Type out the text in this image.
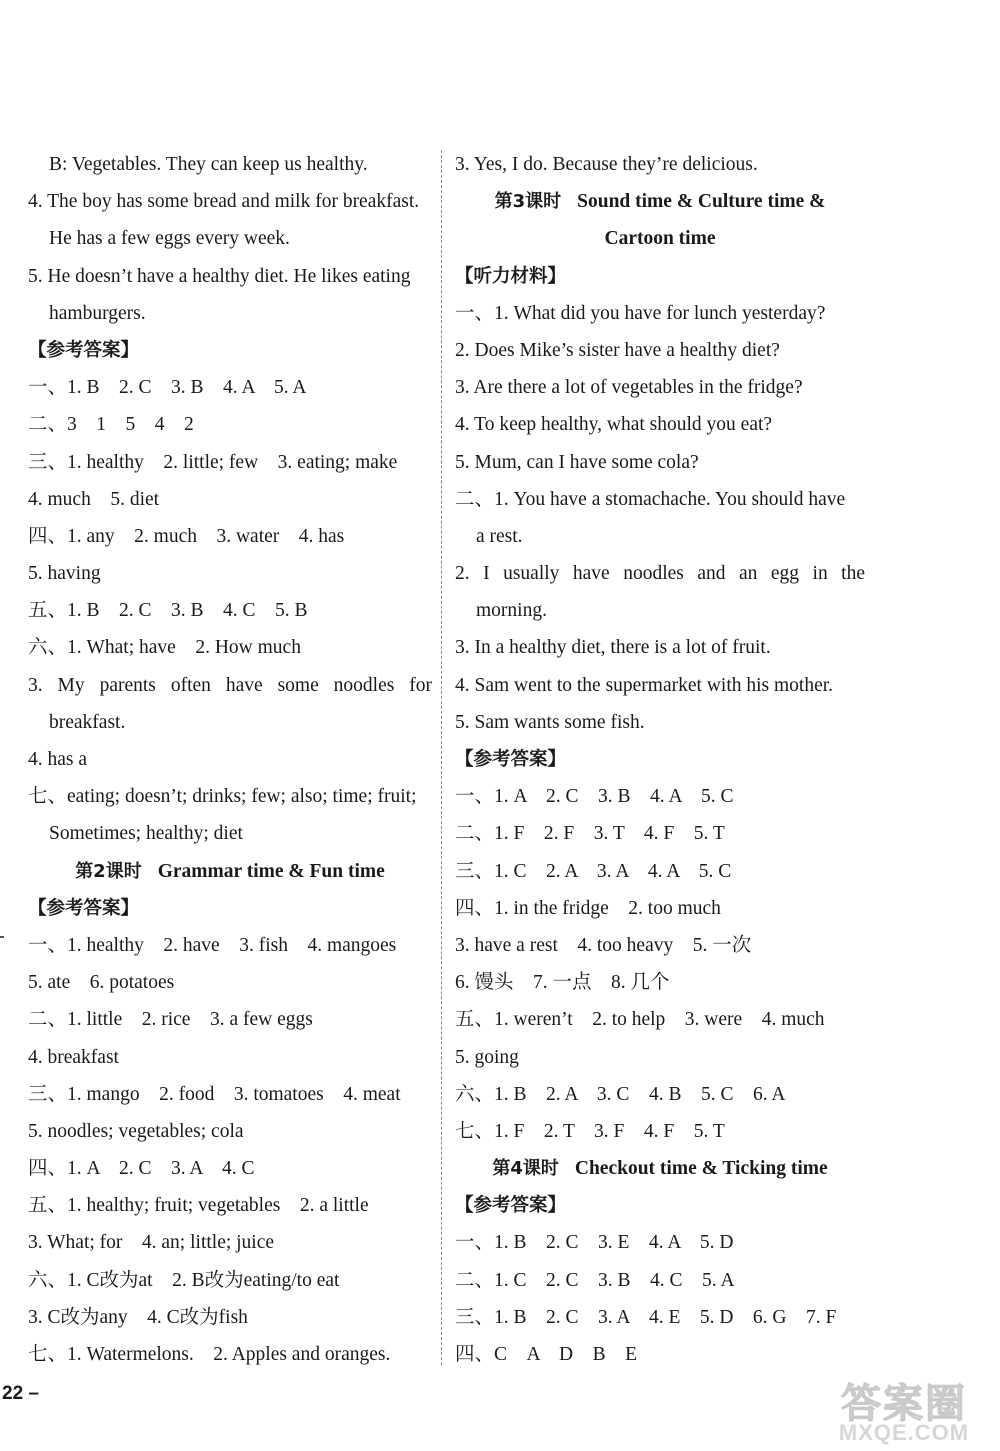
B: Vegetables. They can keep us healthy.
4. The boy has some bread and milk for breakfast.
He has a few eggs every week.
5. He doesn’t have a healthy diet. He likes eating
hamburgers.
【参考答案】
一、1. B　2. C　3. B　4. A　5. A
二、3　1　5　4　2
三、1. healthy　2. little; few　3. eating; make
4. much　5. diet
四、1. any　2. much　3. water　4. has
5. having
五、1. B　2. C　3. B　4. C　5. B
六、1. What; have　2. How much
3. My parents often have some noodles for
breakfast.
4. has a
七、eating; doesn’t; drinks; few; also; time; fruit;
Sometimes; healthy; diet
第2课时 Grammar time & Fun time
【参考答案】
一、1. healthy　2. have　3. fish　4. mangoes
5. ate　6. potatoes
二、1. little　2. rice　3. a few eggs
4. breakfast
三、1. mango　2. food　3. tomatoes　4. meat
5. noodles; vegetables; cola
四、1. A　2. C　3. A　4. C
五、1. healthy; fruit; vegetables　2. a little
3. What; for　4. an; little; juice
六、1. C改为at　2. B改为eating/to eat
3. C改为any　4. C改为fish
七、1. Watermelons.　2. Apples and oranges.
3. Yes, I do. Because they’re delicious.
第3课时 Sound time & Culture time &
Cartoon time
【听力材料】
一、1. What did you have for lunch yesterday?
2. Does Mike’s sister have a healthy diet?
3. Are there a lot of vegetables in the fridge?
4. To keep healthy, what should you eat?
5. Mum, can I have some cola?
二、1. You have a stomachache. You should have
a rest.
2. I usually have noodles and an egg in the
morning.
3. In a healthy diet, there is a lot of fruit.
4. Sam went to the supermarket with his mother.
5. Sam wants some fish.
【参考答案】
一、1. A　2. C　3. B　4. A　5. C
二、1. F　2. F　3. T　4. F　5. T
三、1. C　2. A　3. A　4. A　5. C
四、1. in the fridge　2. too much
3. have a rest　4. too heavy　5. 一次
6. 馒头　7. 一点　8. 几个
五、1. weren’t　2. to help　3. were　4. much
5. going
六、1. B　2. A　3. C　4. B　5. C　6. A
七、1. F　2. T　3. F　4. F　5. T
第4课时 Checkout time & Ticking time
【参考答案】
一、1. B　2. C　3. E　4. A　5. D
二、1. C　2. C　3. B　4. C　5. A
三、1. B　2. C　3. A　4. E　5. D　6. G　7. F
四、C　A　D　B　E
22 –	答案圈
MXQE.COM
